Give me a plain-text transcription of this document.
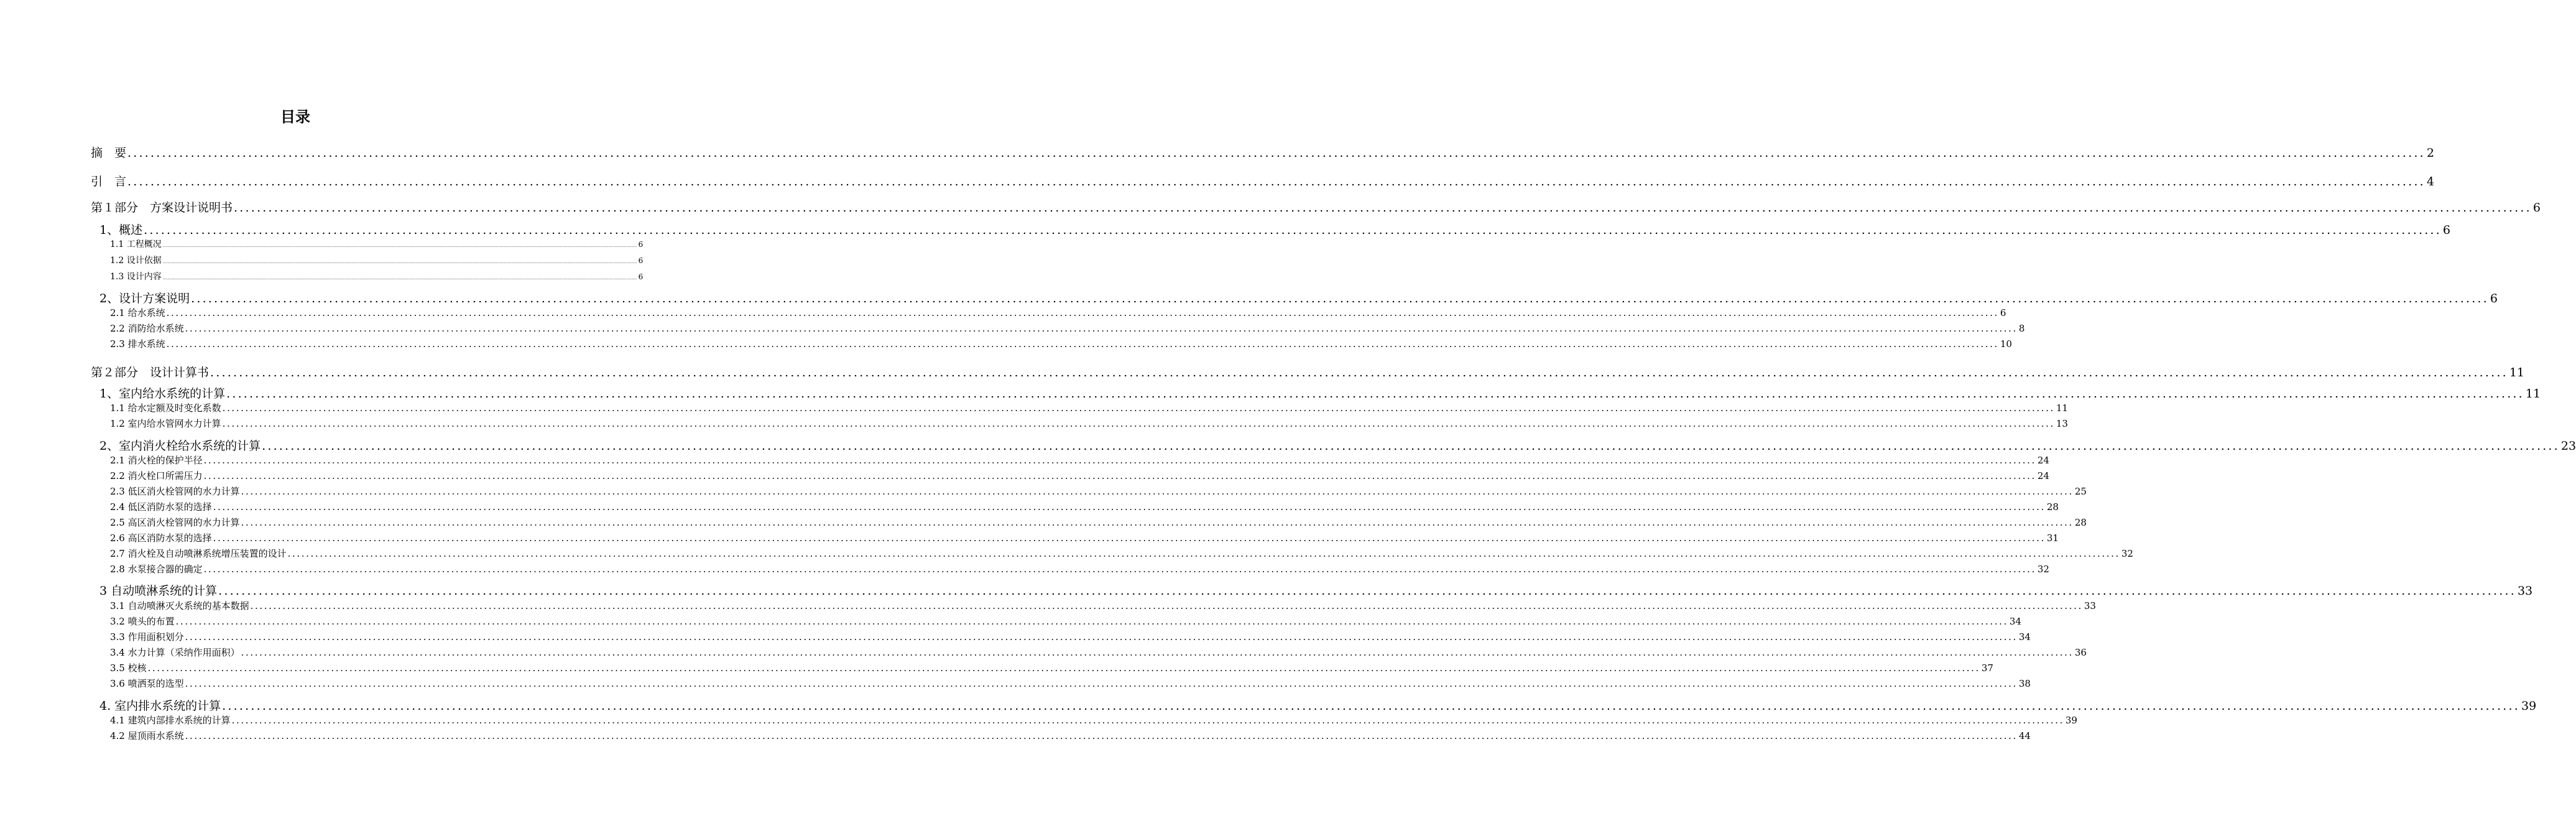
目录
摘　要 ................................................................................................................................................................................................................................................................................................................................................................................................................ 2
引　言 ................................................................................................................................................................................................................................................................................................................................................................................................................ 4
第１部分　方案设计说明书 ................................................................................................................................................................................................................................................................................................................................................................................................................ 6
1、概述 ................................................................................................................................................................................................................................................................................................................................................................................................................ 6
1.1 工程概况 ................................................................................................................................................................................................................................................................................................................................................................................................................ 6
1.2 设计依据 ................................................................................................................................................................................................................................................................................................................................................................................................................ 6
1.3 设计内容 ................................................................................................................................................................................................................................................................................................................................................................................................................ 6
2、设计方案说明 ................................................................................................................................................................................................................................................................................................................................................................................................................ 6
2.1 给水系统 ................................................................................................................................................................................................................................................................................................................................................................................................................ 6
2.2 消防给水系统 ................................................................................................................................................................................................................................................................................................................................................................................................................ 8
2.3 排水系统 ................................................................................................................................................................................................................................................................................................................................................................................................................ 10
第２部分　设计计算书 ................................................................................................................................................................................................................................................................................................................................................................................................................ 11
1、室内给水系统的计算 ................................................................................................................................................................................................................................................................................................................................................................................................................ 11
1.1 给水定额及时变化系数 ................................................................................................................................................................................................................................................................................................................................................................................................................ 11
1.2 室内给水管网水力计算 ................................................................................................................................................................................................................................................................................................................................................................................................................ 13
2、室内消火栓给水系统的计算 ................................................................................................................................................................................................................................................................................................................................................................................................................ 23
2.1 消火栓的保护半径 ................................................................................................................................................................................................................................................................................................................................................................................................................ 24
2.2 消火栓口所需压力 ................................................................................................................................................................................................................................................................................................................................................................................................................ 24
2.3 低区消火栓管网的水力计算 ................................................................................................................................................................................................................................................................................................................................................................................................................ 25
2.4 低区消防水泵的选择 ................................................................................................................................................................................................................................................................................................................................................................................................................ 28
2.5 高区消火栓管网的水力计算 ................................................................................................................................................................................................................................................................................................................................................................................................................ 28
2.6 高区消防水泵的选择 ................................................................................................................................................................................................................................................................................................................................................................................................................ 31
2.7 消火栓及自动喷淋系统增压装置的设计 ................................................................................................................................................................................................................................................................................................................................................................................................................ 32
2.8 水泵接合器的确定 ................................................................................................................................................................................................................................................................................................................................................................................................................ 32
3 自动喷淋系统的计算 ................................................................................................................................................................................................................................................................................................................................................................................................................ 33
3.1 自动喷淋灭火系统的基本数据 ................................................................................................................................................................................................................................................................................................................................................................................................................ 33
3.2 喷头的布置 ................................................................................................................................................................................................................................................................................................................................................................................................................ 34
3.3 作用面积划分 ................................................................................................................................................................................................................................................................................................................................................................................................................ 34
3.4 水力计算（采纳作用面积） ................................................................................................................................................................................................................................................................................................................................................................................................................ 36
3.5 校核 ................................................................................................................................................................................................................................................................................................................................................................................................................ 37
3.6 喷洒泵的选型 ................................................................................................................................................................................................................................................................................................................................................................................................................ 38
4. 室内排水系统的计算 ................................................................................................................................................................................................................................................................................................................................................................................................................ 39
4.1 建筑内部排水系统的计算 ................................................................................................................................................................................................................................................................................................................................................................................................................ 39
4.2 屋顶雨水系统 ................................................................................................................................................................................................................................................................................................................................................................................................................ 44
